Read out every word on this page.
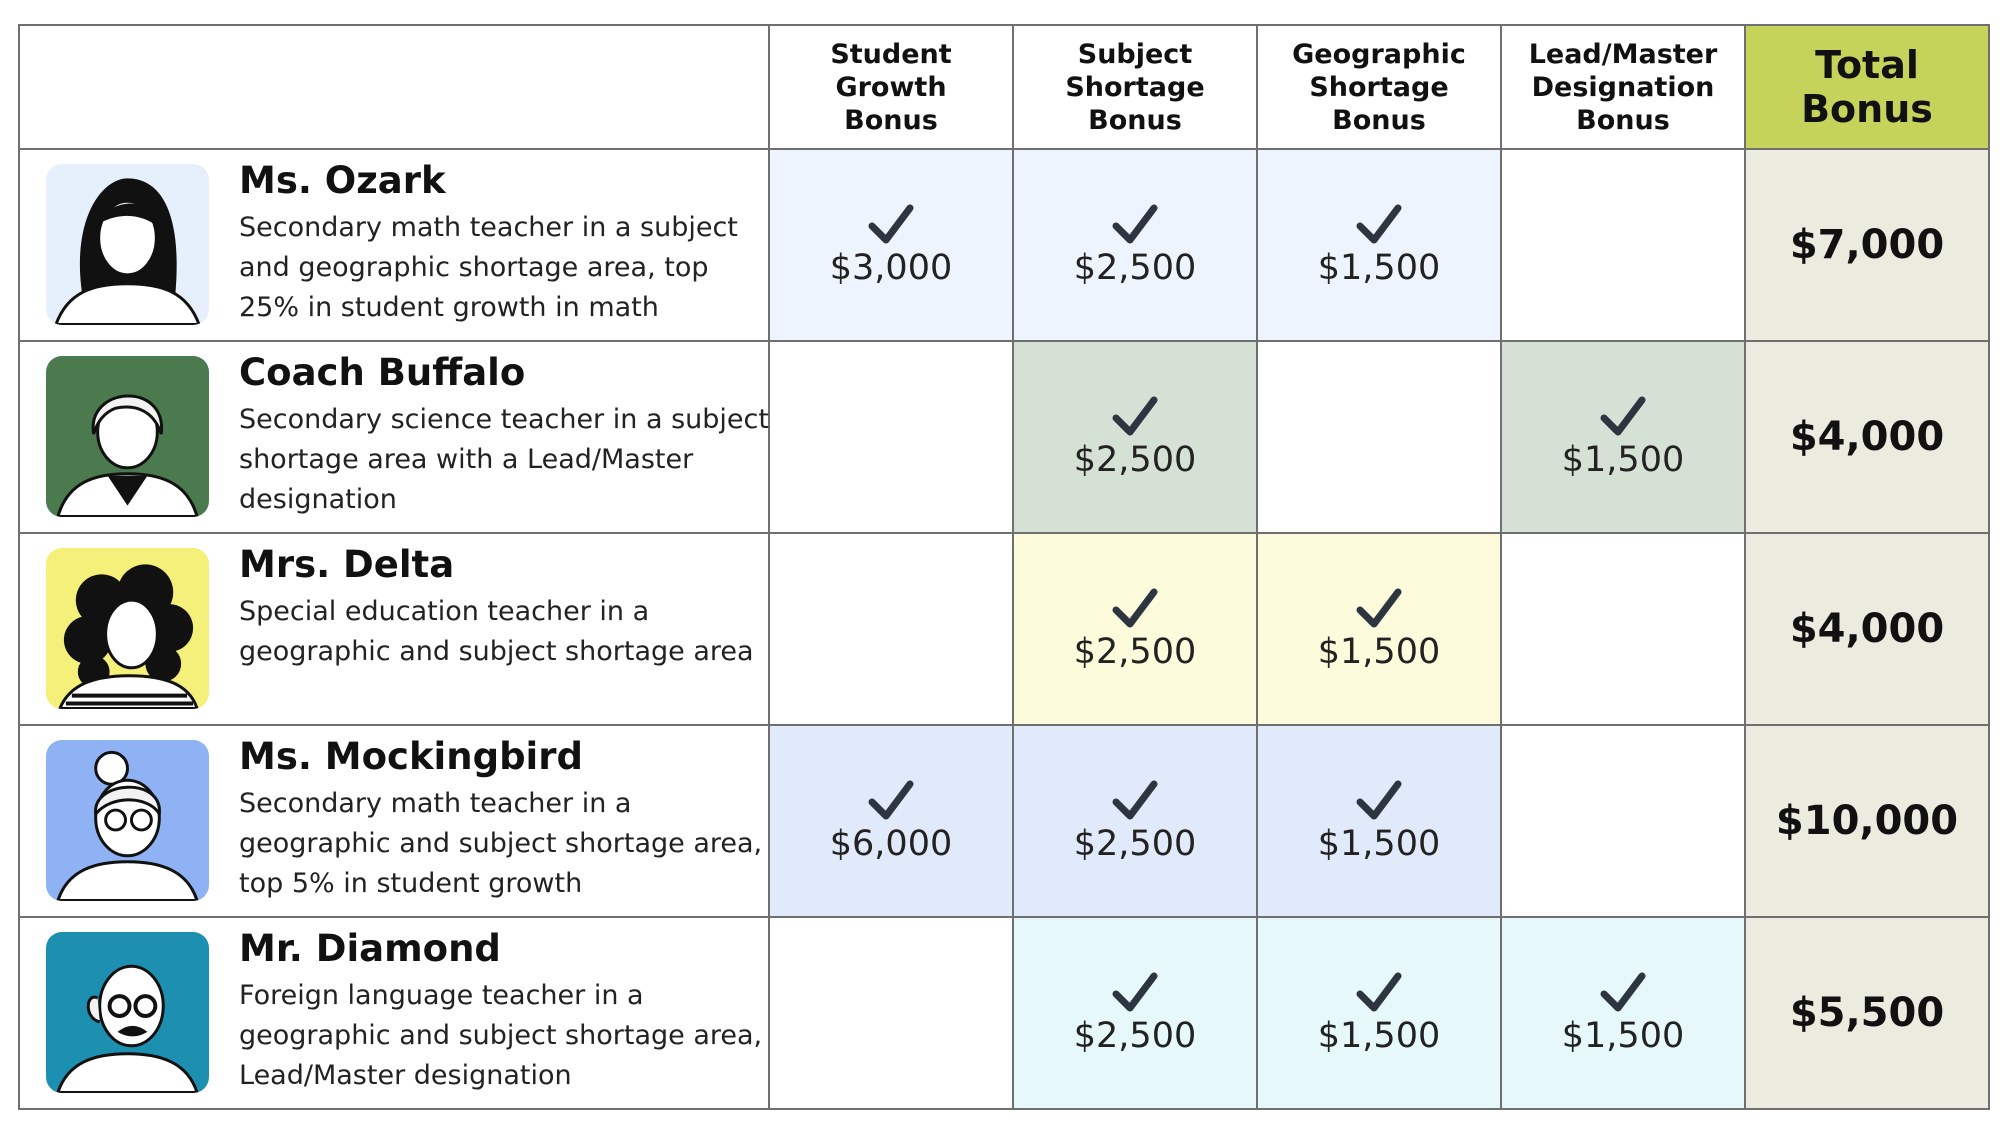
	Student
Growth
Bonus	Subject
Shortage
Bonus	Geographic
Shortage
Bonus	Lead/Master
Designation
Bonus	Total
Bonus

Ms. Ozark
Secondary math teacher in a subject and geographic shortage area, top 25% in student growth in math	$3,000	$2,500	$1,500		$7,000

Coach Buffalo
Secondary science teacher in a subject shortage area with a Lead/Master designation		$2,500		$1,500	$4,000

Mrs. Delta
Special education teacher in a geographic and subject shortage area		$2,500	$1,500		$4,000

Ms. Mockingbird
Secondary math teacher in a geographic and subject shortage area, top 5% in student growth	$6,000	$2,500	$1,500		$10,000

Mr. Diamond
Foreign language teacher in a geographic and subject shortage area, Lead/Master designation		$2,500	$1,500	$1,500	$5,500
